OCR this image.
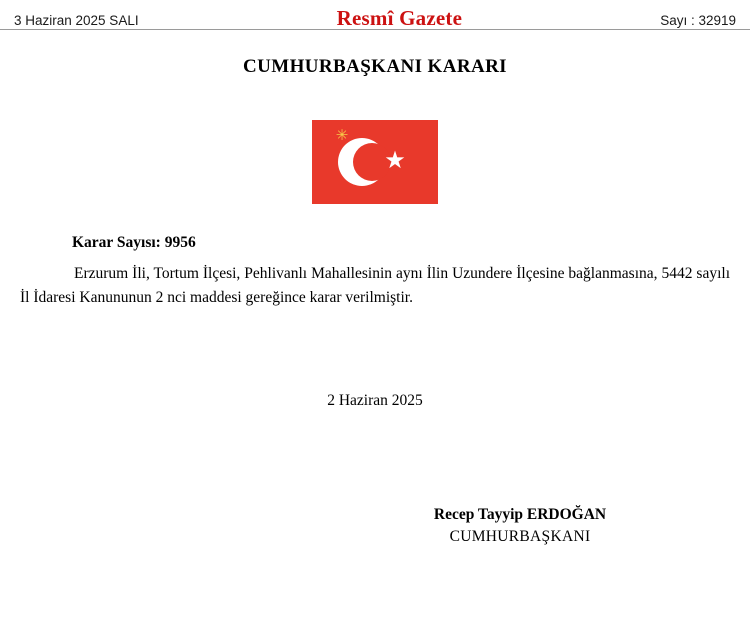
3 Haziran 2025 SALI	Resmî Gazete	Sayı : 32919
CUMHURBAŞKANI KARARI
✳
★
Karar Sayısı: 9956

Erzurum İli, Tortum İlçesi, Pehlivanlı Mahallesinin aynı İlin Uzundere İlçesine bağlanmasına, 5442 sayılı İl İdaresi Kanununun 2 nci maddesi gereğince karar verilmiştir.

2 Haziran 2025
Recep Tayyip ERDOĞAN
CUMHURBAŞKANI
